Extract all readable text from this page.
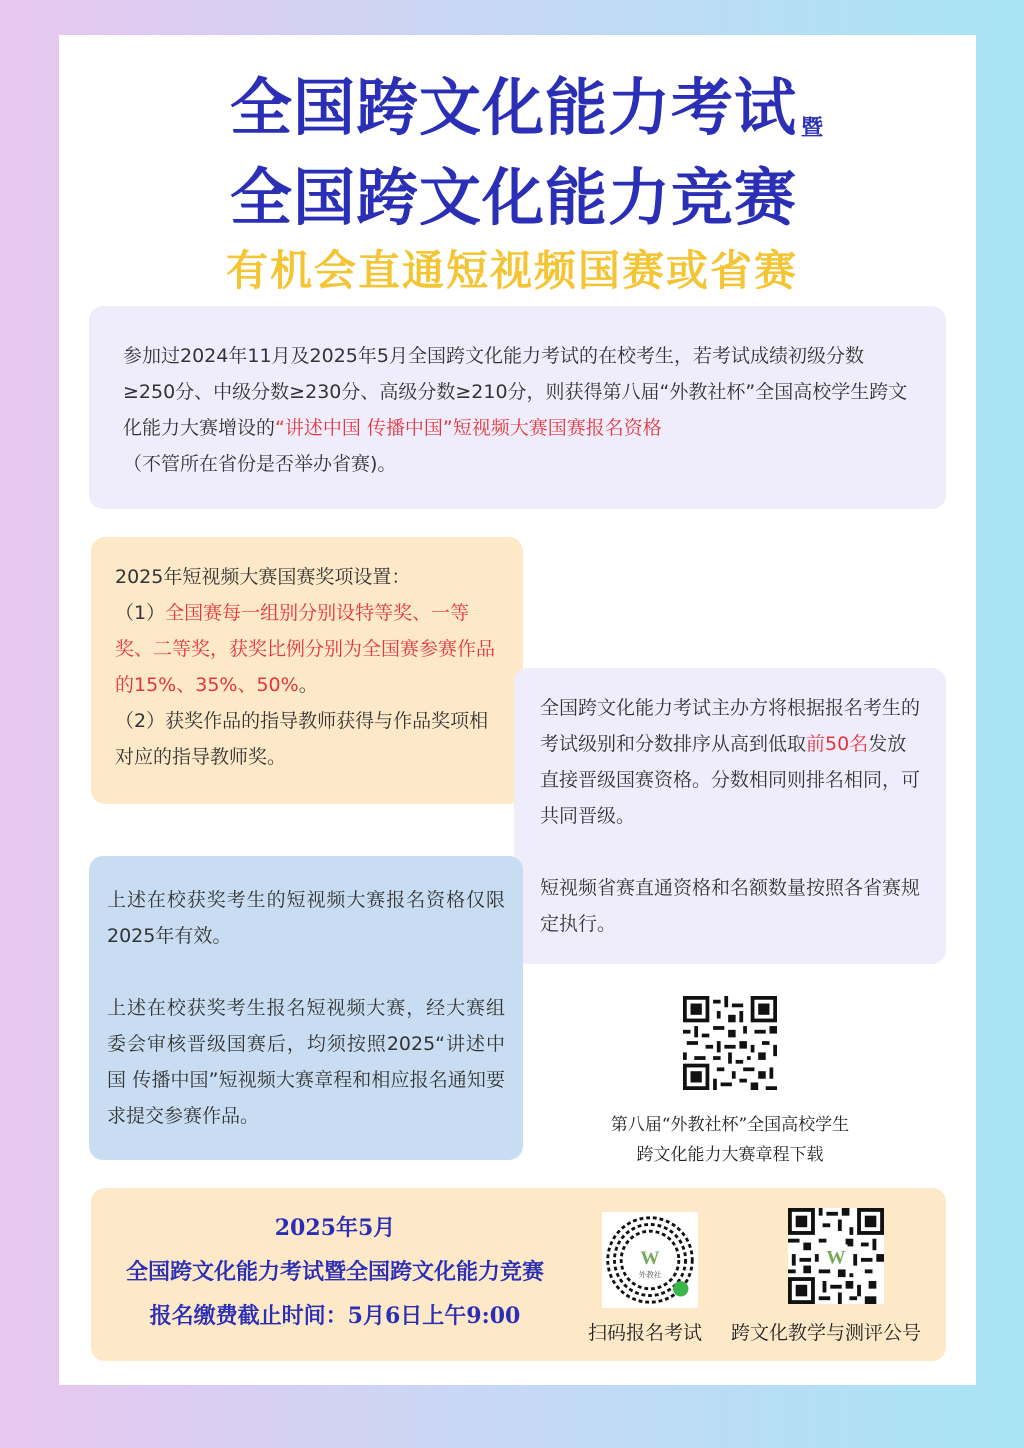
全国跨文化能力考试 暨
全国跨文化能力竞赛
有机会直通短视频国赛或省赛
参加过2024年11月及2025年5月全国跨文化能力考试的在校考生，若考试成绩初级分数≥250分、中级分数≥230分、高级分数≥210分，则获得第八届“外教社杯”全国高校学生跨文化能力大赛增设的“讲述中国 传播中国”短视频大赛国赛报名资格
（不管所在省份是否举办省赛)。
2025年短视频大赛国赛奖项设置：
（1）全国赛每一组别分别设特等奖、一等奖、二等奖，获奖比例分别为全国赛参赛作品的15%、35%、50%。
（2）获奖作品的指导教师获得与作品奖项相对应的指导教师奖。
全国跨文化能力考试主办方将根据报名考生的考试级别和分数排序从高到低取前50名发放直接晋级国赛资格。分数相同则排名相同，可共同晋级。
短视频省赛直通资格和名额数量按照各省赛规定执行。
上述在校获奖考生的短视频大赛报名资格仅限2025年有效。
上述在校获奖考生报名短视频大赛，经大赛组委会审核晋级国赛后，均须按照2025“讲述中国 传播中国”短视频大赛章程和相应报名通知要求提交参赛作品。	第八届“外教社杯”全国高校学生
跨文化能力大赛章程下载
2025年5月
全国跨文化能力考试暨全国跨文化能力竞赛
报名缴费截止时间：5月6日上午9:00
W
外教社
W
扫码报名考试 跨文化教学与测评公号
